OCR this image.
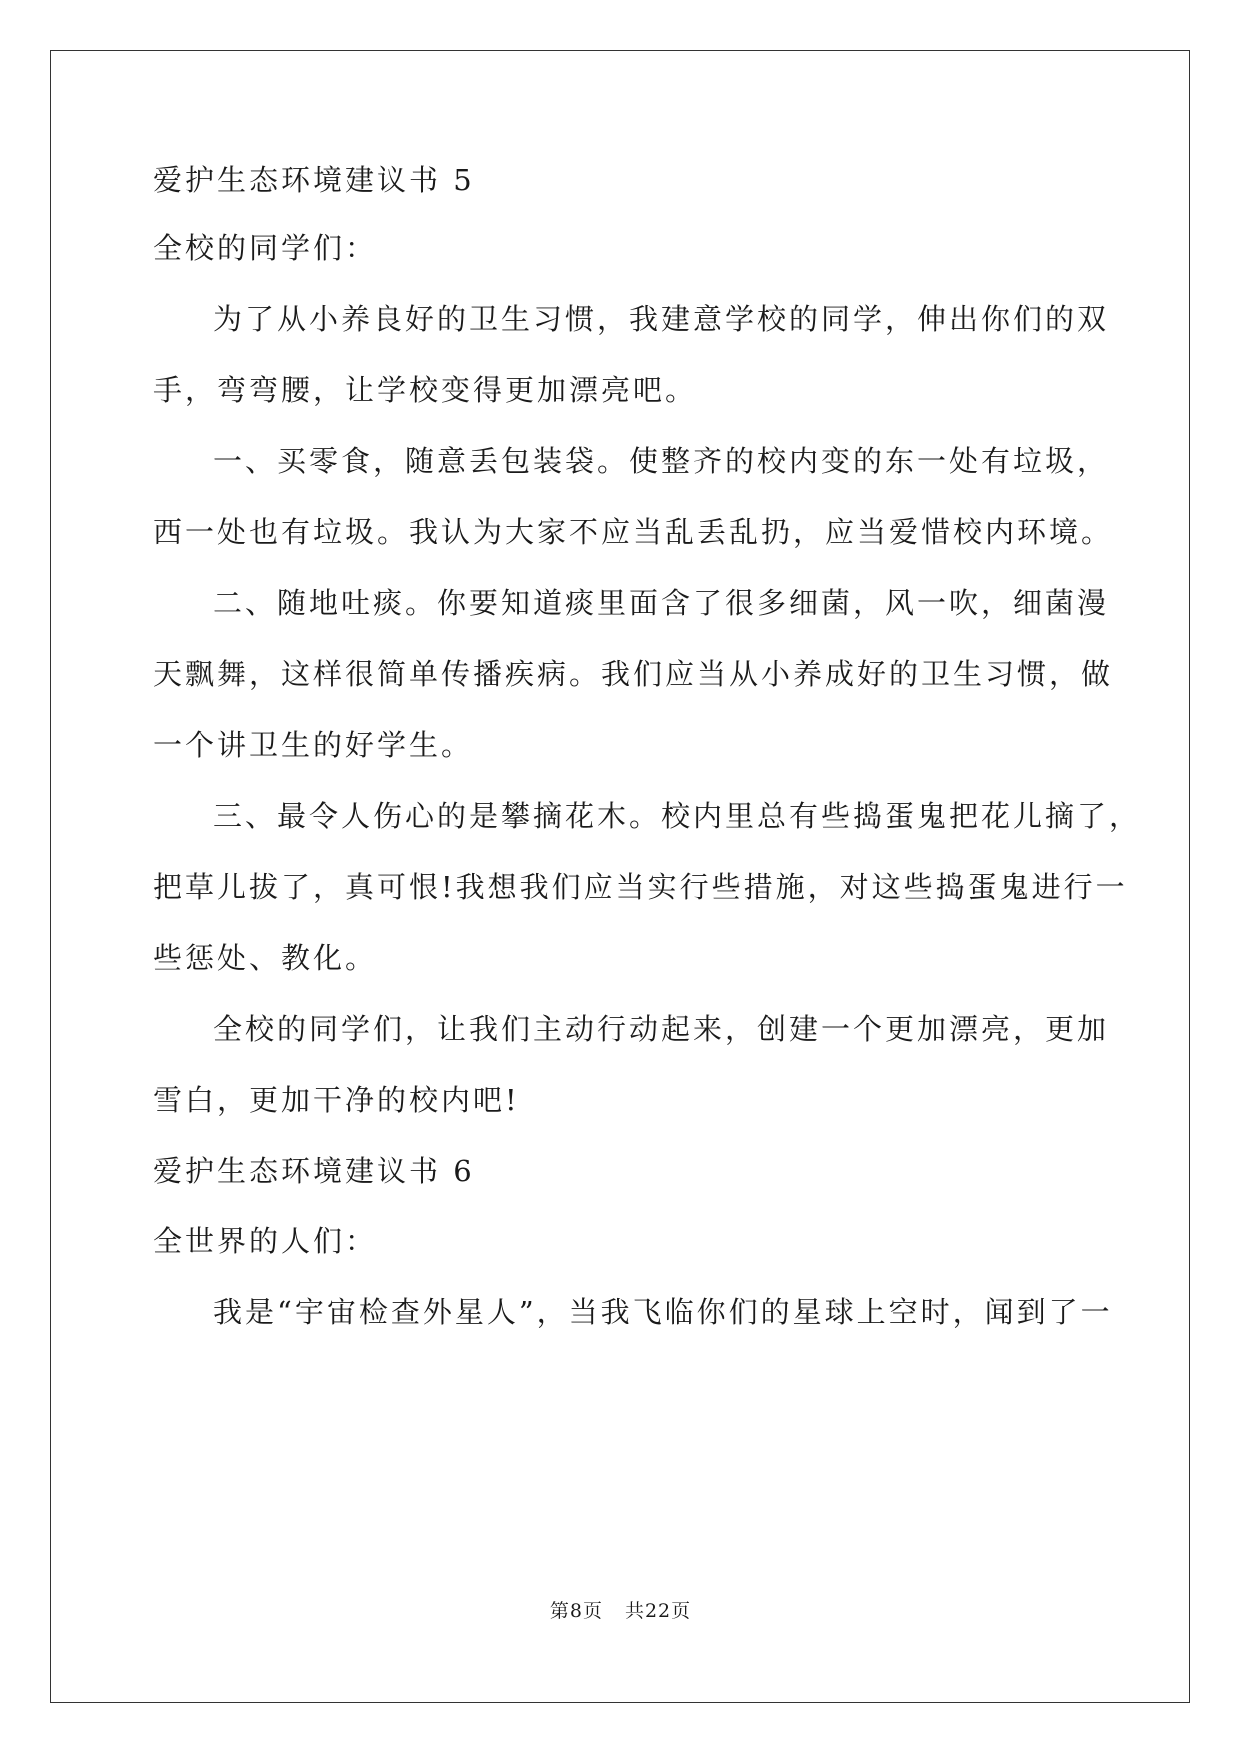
爱护生态环境建议书 5
全校的同学们：
为了从小养良好的卫生习惯，我建意学校的同学，伸出你们的双
手，弯弯腰，让学校变得更加漂亮吧。
一、买零食，随意丢包装袋。使整齐的校内变的东一处有垃圾，
西一处也有垃圾。我认为大家不应当乱丢乱扔，应当爱惜校内环境。
二、随地吐痰。你要知道痰里面含了很多细菌，风一吹，细菌漫
天飘舞，这样很简单传播疾病。我们应当从小养成好的卫生习惯，做
一个讲卫生的好学生。
三、最令人伤心的是攀摘花木。校内里总有些捣蛋鬼把花儿摘了，
把草儿拔了，真可恨!我想我们应当实行些措施，对这些捣蛋鬼进行一
些惩处、教化。
全校的同学们，让我们主动行动起来，创建一个更加漂亮，更加
雪白，更加干净的校内吧!
爱护生态环境建议书 6
全世界的人们：
我是“宇宙检查外星人”，当我飞临你们的星球上空时，闻到了一
第8页 共22页
